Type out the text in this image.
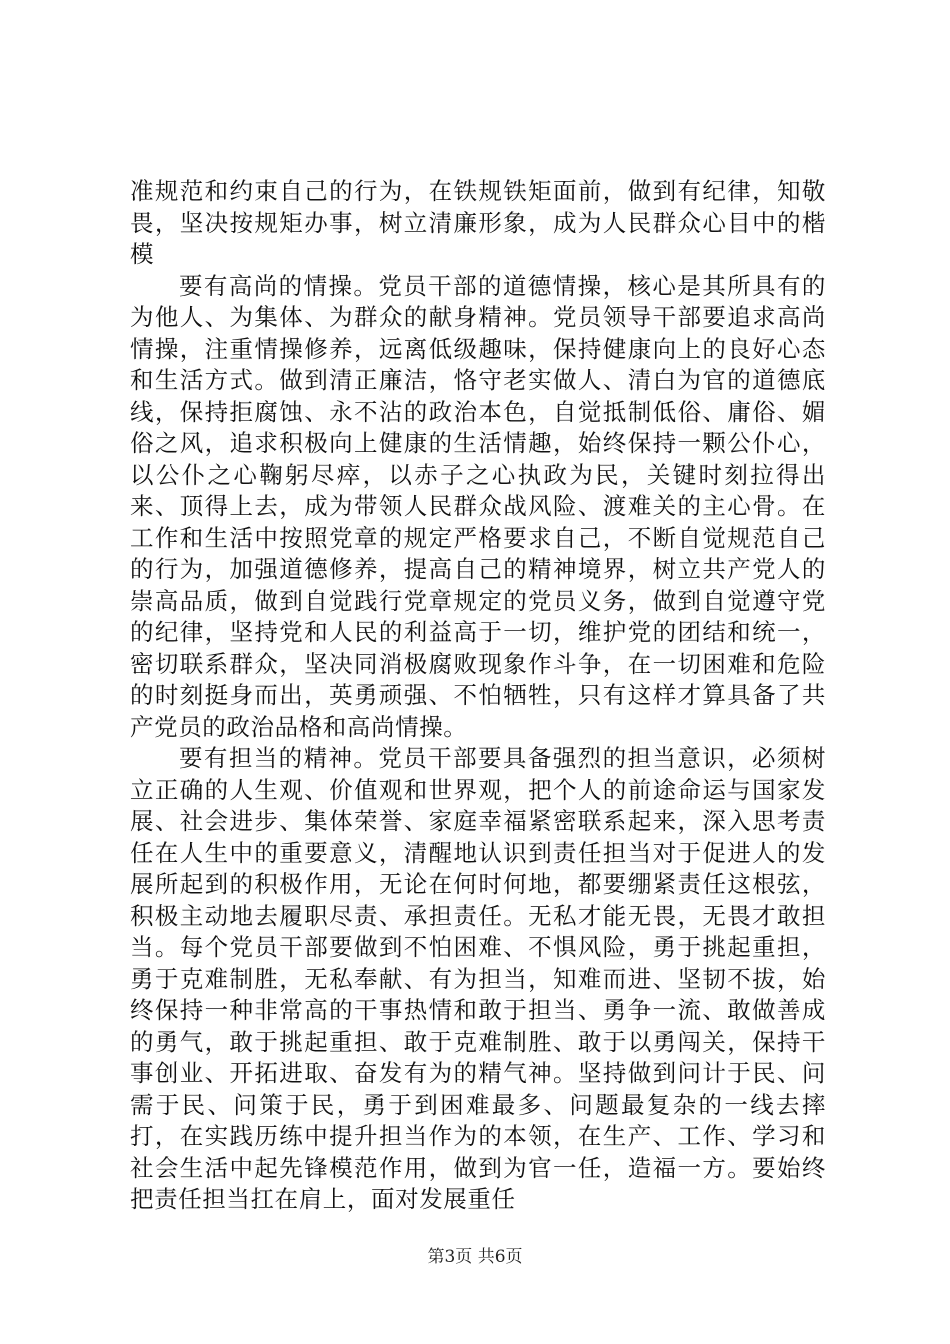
准规范和约束自己的行为，在铁规铁矩面前，做到有纪律，知敬畏，坚决按规矩办事，树立清廉形象，成为人民群众心目中的楷模

要有高尚的情操。党员干部的道德情操，核心是其所具有的为他人、为集体、为群众的献身精神。党员领导干部要追求高尚情操，注重情操修养，远离低级趣味，保持健康向上的良好心态和生活方式。做到清正廉洁，恪守老实做人、清白为官的道德底线，保持拒腐蚀、永不沾的政治本色，自觉抵制低俗、庸俗、媚俗之风，追求积极向上健康的生活情趣，始终保持一颗公仆心，以公仆之心鞠躬尽瘁，以赤子之心执政为民，关键时刻拉得出来、顶得上去，成为带领人民群众战风险、渡难关的主心骨。在工作和生活中按照党章的规定严格要求自己，不断自觉规范自己的行为，加强道德修养，提高自己的精神境界，树立共产党人的崇高品质，做到自觉践行党章规定的党员义务，做到自觉遵守党的纪律，坚持党和人民的利益高于一切，维护党的团结和统一，密切联系群众，坚决同消极腐败现象作斗争，在一切困难和危险的时刻挺身而出，英勇顽强、不怕牺牲，只有这样才算具备了共产党员的政治品格和高尚情操。

要有担当的精神。党员干部要具备强烈的担当意识，必须树立正确的人生观、价值观和世界观，把个人的前途命运与国家发展、社会进步、集体荣誉、家庭幸福紧密联系起来，深入思考责任在人生中的重要意义，清醒地认识到责任担当对于促进人的发展所起到的积极作用，无论在何时何地，都要绷紧责任这根弦，积极主动地去履职尽责、承担责任。无私才能无畏，无畏才敢担当。每个党员干部要做到不怕困难、不惧风险，勇于挑起重担，勇于克难制胜，无私奉献、有为担当，知难而进、坚韧不拔，始终保持一种非常高的干事热情和敢于担当、勇争一流、敢做善成的勇气，敢于挑起重担、敢于克难制胜、敢于以勇闯关，保持干事创业、开拓进取、奋发有为的精气神。坚持做到问计于民、问需于民、问策于民，勇于到困难最多、问题最复杂的一线去摔打，在实践历练中提升担当作为的本领，在生产、工作、学习和社会生活中起先锋模范作用，做到为官一任，造福一方。要始终把责任担当扛在肩上，面对发展重任

第3页 共6页
